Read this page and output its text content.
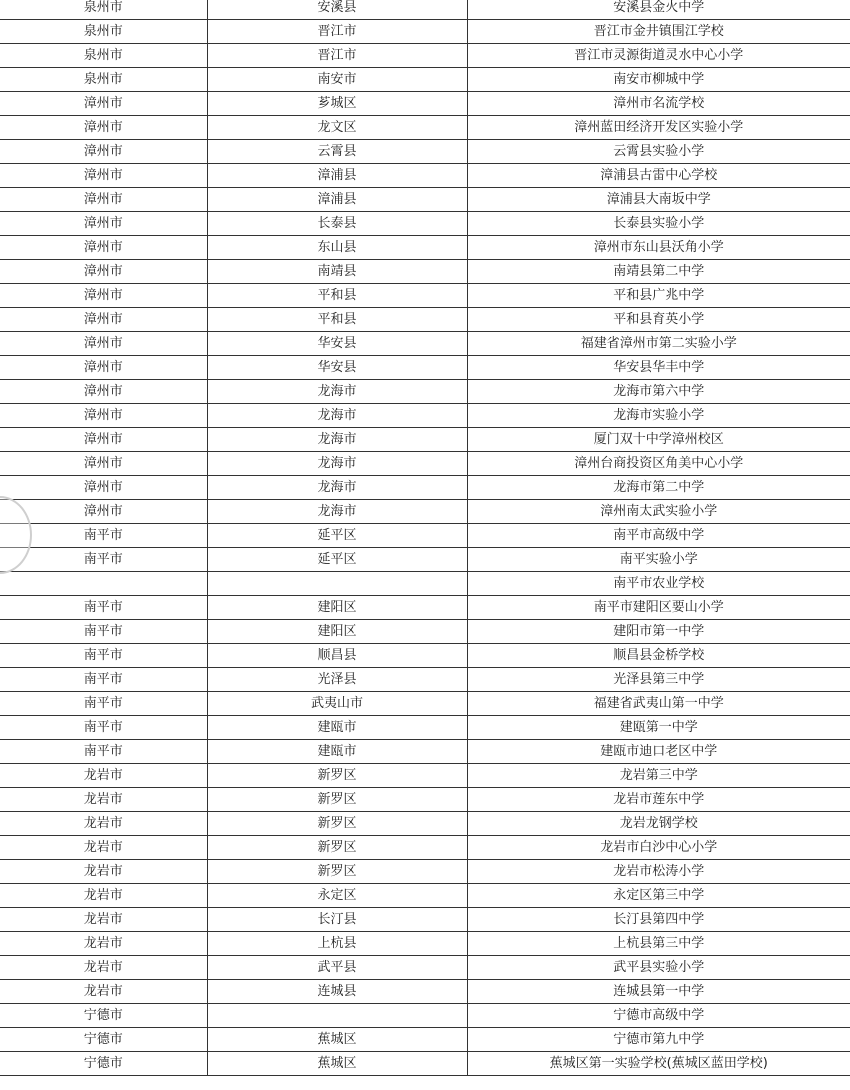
泉州市	安溪县	安溪县金火中学
泉州市	晋江市	晋江市金井镇围江学校
泉州市	晋江市	晋江市灵源街道灵水中心小学
泉州市	南安市	南安市柳城中学
漳州市	芗城区	漳州市名流学校
漳州市	龙文区	漳州蓝田经济开发区实验小学
漳州市	云霄县	云霄县实验小学
漳州市	漳浦县	漳浦县古雷中心学校
漳州市	漳浦县	漳浦县大南坂中学
漳州市	长泰县	长泰县实验小学
漳州市	东山县	漳州市东山县沃角小学
漳州市	南靖县	南靖县第二中学
漳州市	平和县	平和县广兆中学
漳州市	平和县	平和县育英小学
漳州市	华安县	福建省漳州市第二实验小学
漳州市	华安县	华安县华丰中学
漳州市	龙海市	龙海市第六中学
漳州市	龙海市	龙海市实验小学
漳州市	龙海市	厦门双十中学漳州校区
漳州市	龙海市	漳州台商投资区角美中心小学
漳州市	龙海市	龙海市第二中学
漳州市	龙海市	漳州南太武实验小学
南平市	延平区	南平市高级中学
南平市	延平区	南平实验小学
		南平市农业学校
南平市	建阳区	南平市建阳区要山小学
南平市	建阳区	建阳市第一中学
南平市	顺昌县	顺昌县金桥学校
南平市	光泽县	光泽县第三中学
南平市	武夷山市	福建省武夷山第一中学
南平市	建瓯市	建瓯第一中学
南平市	建瓯市	建瓯市迪口老区中学
龙岩市	新罗区	龙岩第三中学
龙岩市	新罗区	龙岩市莲东中学
龙岩市	新罗区	龙岩龙钢学校
龙岩市	新罗区	龙岩市白沙中心小学
龙岩市	新罗区	龙岩市松涛小学
龙岩市	永定区	永定区第三中学
龙岩市	长汀县	长汀县第四中学
龙岩市	上杭县	上杭县第三中学
龙岩市	武平县	武平县实验小学
龙岩市	连城县	连城县第一中学
宁德市		宁德市高级中学
宁德市	蕉城区	宁德市第九中学
宁德市	蕉城区	蕉城区第一实验学校(蕉城区蓝田学校)
